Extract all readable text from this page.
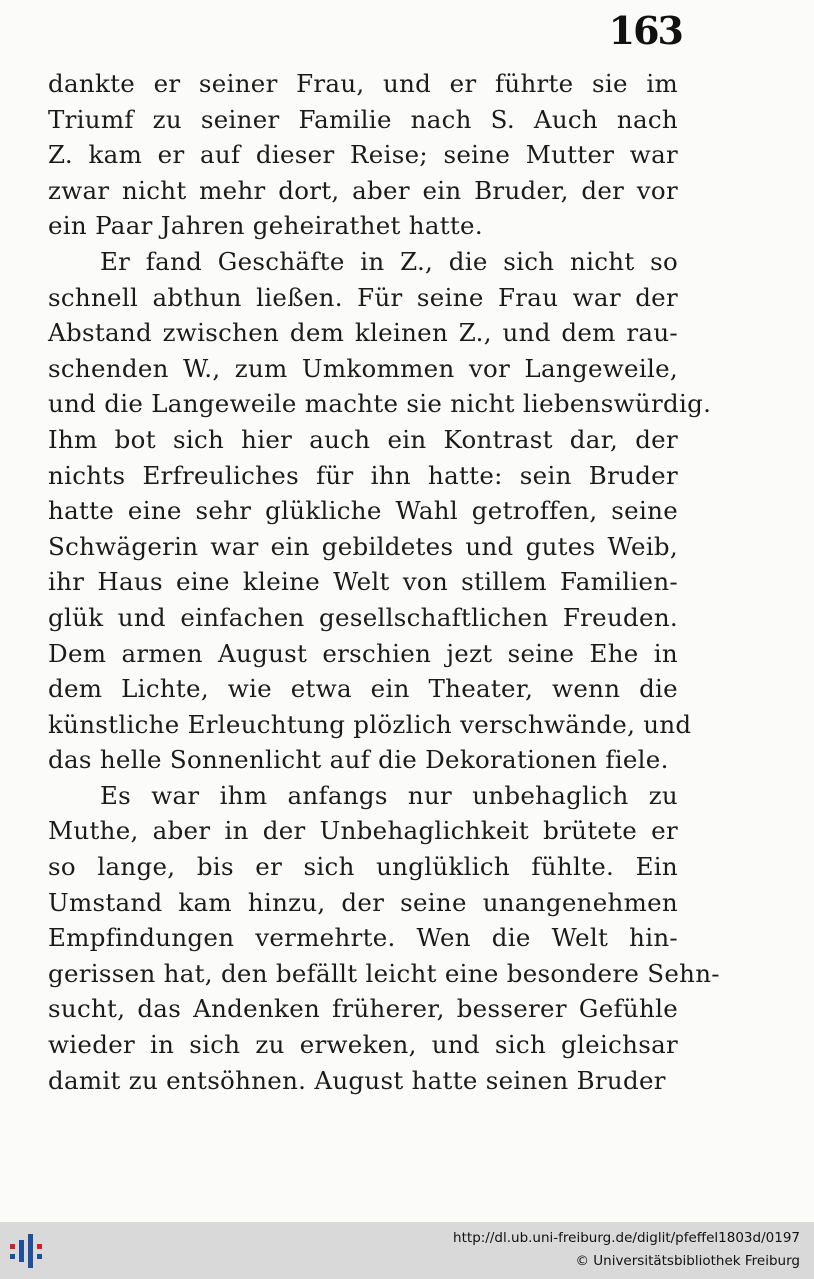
163
dankte er seiner Frau, und er führte sie im
Triumf zu seiner Familie nach S. Auch nach
Z. kam er auf dieser Reise; seine Mutter war
zwar nicht mehr dort, aber ein Bruder, der vor
ein Paar Jahren geheirathet hatte.
Er fand Geschäfte in Z., die sich nicht so
schnell abthun ließen. Für seine Frau war der
Abstand zwischen dem kleinen Z., und dem rau-
schenden W., zum Umkommen vor Langeweile,
und die Langeweile machte sie nicht liebenswürdig.
Ihm bot sich hier auch ein Kontrast dar, der
nichts Erfreuliches für ihn hatte: sein Bruder
hatte eine sehr glükliche Wahl getroffen, seine
Schwägerin war ein gebildetes und gutes Weib,
ihr Haus eine kleine Welt von stillem Familien-
glük und einfachen gesellschaftlichen Freuden.
Dem armen August erschien jezt seine Ehe in
dem Lichte, wie etwa ein Theater, wenn die
künstliche Erleuchtung plözlich verschwände, und
das helle Sonnenlicht auf die Dekorationen fiele.
Es war ihm anfangs nur unbehaglich zu
Muthe, aber in der Unbehaglichkeit brütete er
so lange, bis er sich unglüklich fühlte. Ein
Umstand kam hinzu, der seine unangenehmen
Empfindungen vermehrte. Wen die Welt hin-
gerissen hat, den befällt leicht eine besondere Sehn-
sucht, das Andenken früherer, besserer Gefühle
wieder in sich zu erweken, und sich gleichsar
damit zu entsöhnen. August hatte seinen Bruder
http://dl.ub.uni-freiburg.de/diglit/pfeffel1803d/0197
© Universitätsbibliothek Freiburg
